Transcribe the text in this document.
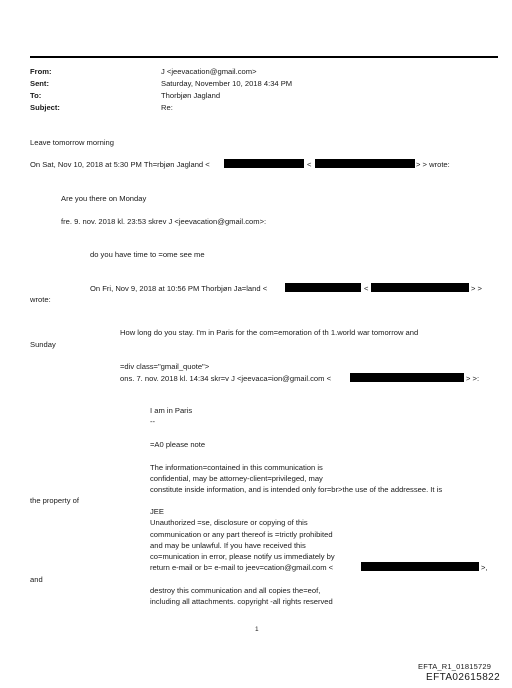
From:	J <jeevacation@gmail.com>
Sent:	Saturday, November 10, 2018 4:34 PM
To:	Thorbjøn Jagland
Subject:	Re:
Leave tomorrow morning
On Sat, Nov 10, 2018 at 5:30 PM Th=rbjøn Jagland <	<	> > wrote:
Are you there on Monday
fre. 9. nov. 2018 kl. 23:53 skrev J <jeevacation@gmail.com>:
do you have time to =ome see me
On Fri, Nov 9, 2018 at 10:56 PM Thorbjøn Ja=land <	<	> >
wrote:
How long do you stay. I'm in Paris for the com=emoration of th 1.world war tomorrow and
Sunday
=div class="gmail_quote">
ons. 7. nov. 2018 kl. 14:34 skr=v J <jeevaca=ion@gmail.com <	> >:
I am in Paris
--
=A0 please note
The information=contained in this communication is
confidential, may be attorney-client=privileged, may
constitute inside information, and is intended only for=br>the use of the addressee. It is
the property of
JEE
Unauthorized =se, disclosure or copying of this
communication or any part thereof is =trictly prohibited
and may be unlawful. If you have received this
co=munication in error, please notify us immediately by
return e-mail or b= e-mail to jeev=cation@gmail.com <	>,
and
destroy this communication and all copies the=eof,
including all attachments. copyright -all rights reserved
1
EFTA_R1_01815729
EFTA02615822
